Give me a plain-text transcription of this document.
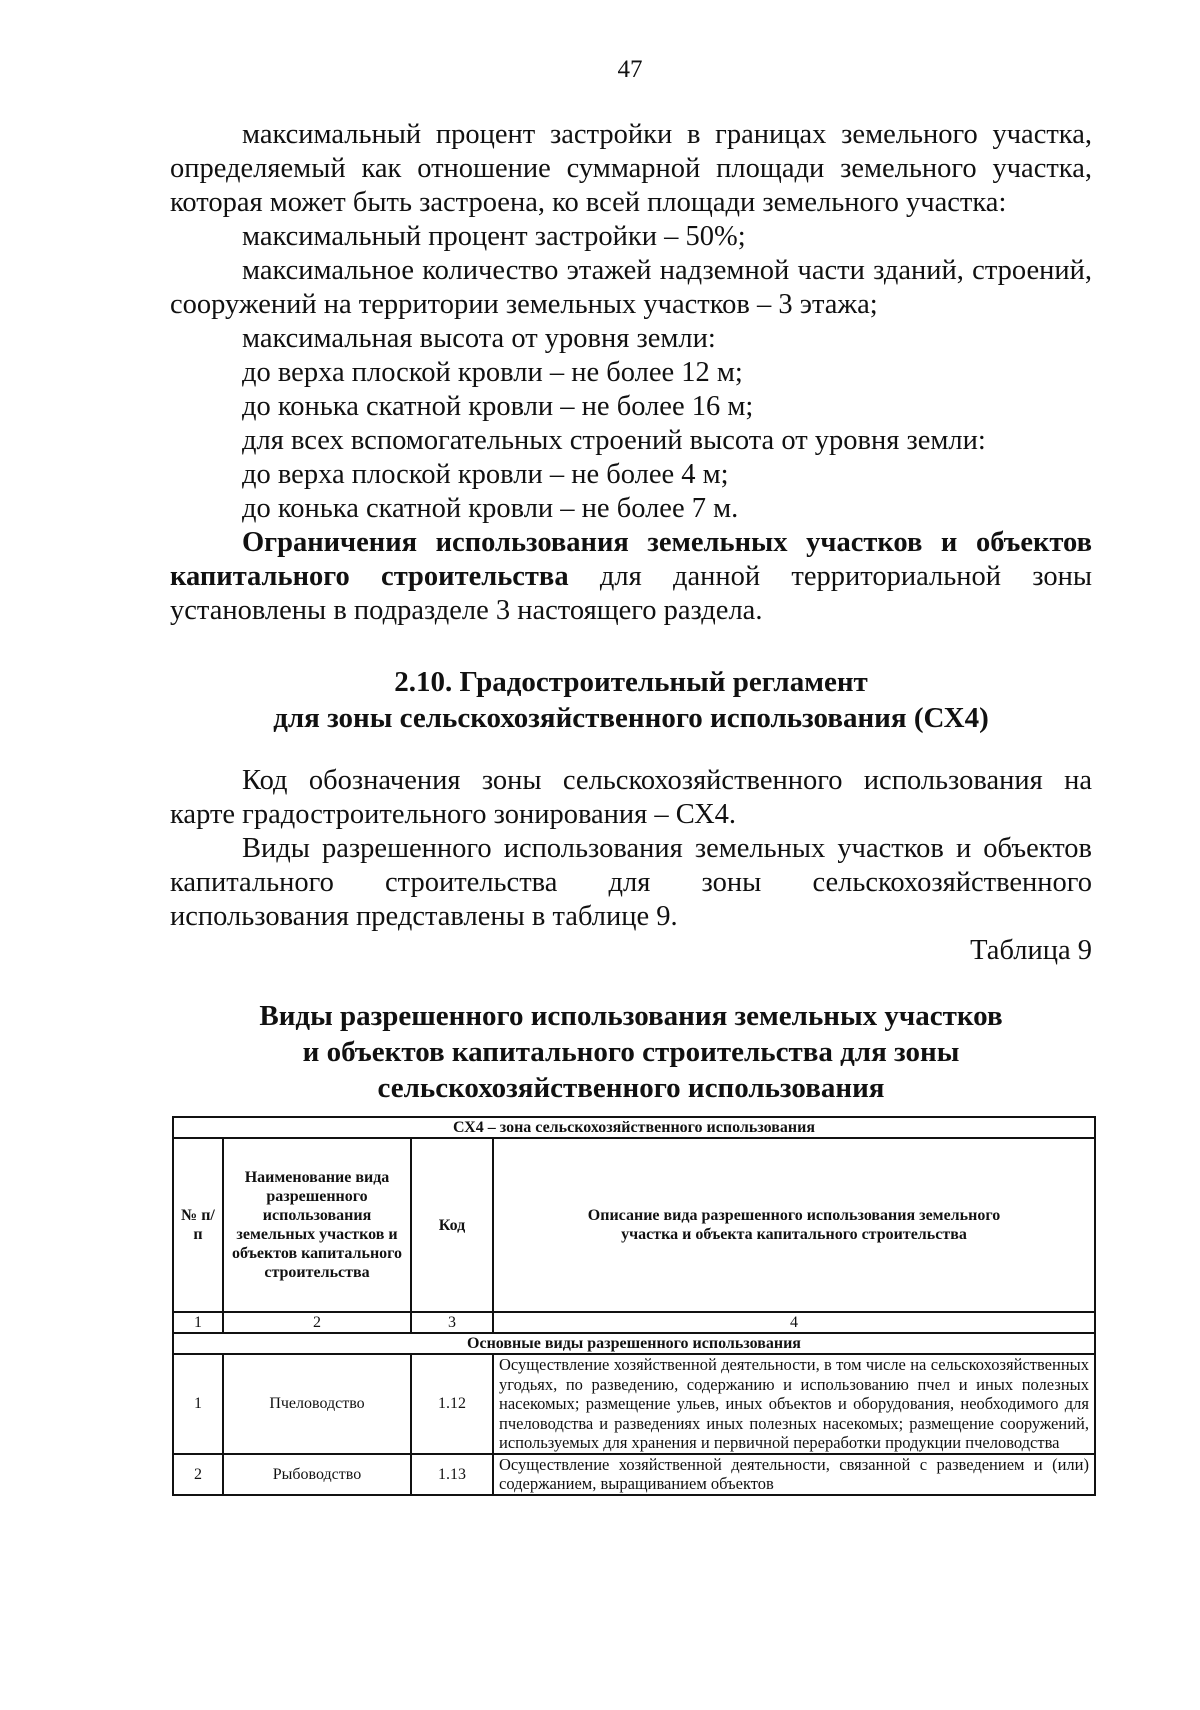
47

максимальный процент застройки в границах земельного участка, определяемый как отношение суммарной площади земельного участка, которая может быть застроена, ко всей площади земельного участка:

максимальный процент застройки – 50%;

максимальное количество этажей надземной части зданий, строений, сооружений на территории земельных участков – 3 этажа;

максимальная высота от уровня земли:

до верха плоской кровли – не более 12 м;

до конька скатной кровли – не более 16 м;

для всех вспомогательных строений высота от уровня земли:

до верха плоской кровли – не более 4 м;

до конька скатной кровли – не более 7 м.

Ограничения использования земельных участков и объектов капитального строительства для данной территориальной зоны установлены в подразделе 3 настоящего раздела.

2.10. Градостроительный регламент

для зоны сельскохозяйственного использования (СХ4)

Код обозначения зоны сельскохозяйственного использования на карте градостроительного зонирования – СХ4.

Виды разрешенного использования земельных участков и объектов капитального строительства для зоны сельскохозяйственного использования представлены в таблице 9.

Таблица 9

Виды разрешенного использования земельных участков

и объектов капитального строительства для зоны

сельскохозяйственного использования

СХ4 – зона сельскохозяйственного использования			
№ п/п	Наименование вида разрешенного использования земельных участков и объектов капитального строительства	Код	Описание вида разрешенного использования земельного участка и объекта капитального строительства
1	2	3	4
Основные виды разрешенного использования			
1	Пчеловодство	1.12	Осуществление хозяйственной деятельности, в том числе на сельскохозяйственных угодьях, по разведению, содержанию и использованию пчел и иных полезных насекомых; размещение ульев, иных объектов и оборудования, необходимого для пчеловодства и разведениях иных полезных насекомых; размещение сооружений, используемых для хранения и первичной переработки продукции пчеловодства
2	Рыбоводство	1.13	Осуществление хозяйственной деятельности, связанной с разведением и (или) содержанием, выращиванием объектов
